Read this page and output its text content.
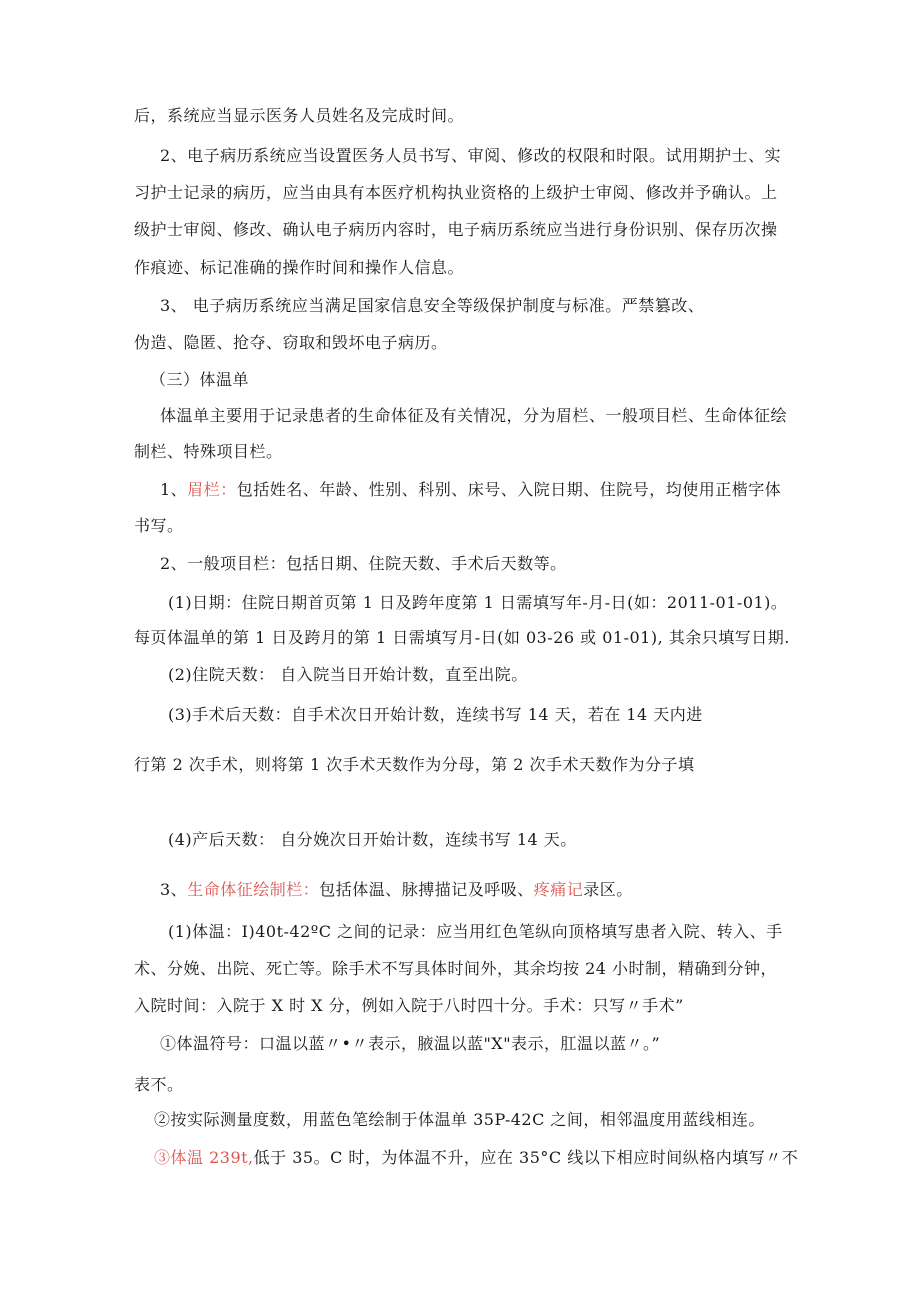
后，系统应当显示医务人员姓名及完成时间。
2、电子病历系统应当设置医务人员书写、审阅、修改的权限和时限。试用期护士、实
习护士记录的病历，应当由具有本医疗机构执业资格的上级护士审阅、修改并予确认。上
级护士审阅、修改、确认电子病历内容时，电子病历系统应当进行身份识别、保存历次操
作痕迹、标记准确的操作时间和操作人信息。
3、 电子病历系统应当满足国家信息安全等级保护制度与标准。严禁篡改、
伪造、隐匿、抢夺、窃取和毁坏电子病历。
（三）体温单
体温单主要用于记录患者的生命体征及有关情况，分为眉栏、一般项目栏、生命体征绘
制栏、特殊项目栏。
1、眉栏：包括姓名、年龄、性别、科别、床号、入院日期、住院号，均使用正楷字体
书写。
2、一般项目栏：包括日期、住院天数、手术后天数等。
(1)日期：住院日期首页第 1 日及跨年度第 1 日需填写年-月-日(如：2011-01-01)。
每页体温单的第 1 日及跨月的第 1 日需填写月-日(如 03-26 或 01-01), 其余只填写日期.
(2)住院天数： 自入院当日开始计数，直至出院。
(3)手术后天数：自手术次日开始计数，连续书写 14 天，若在 14 天内进
行第 2 次手术，则将第 1 次手术天数作为分母，第 2 次手术天数作为分子填
(4)产后天数： 自分娩次日开始计数，连续书写 14 天。
3、生命体征绘制栏：包括体温、脉搏描记及呼吸、疼痛记录区。
(1)体温：I)40t-42ºC 之间的记录：应当用红色笔纵向顶格填写患者入院、转入、手
术、分娩、出院、死亡等。除手术不写具体时间外，其余均按 24 小时制，精确到分钟，
入院时间：入院于 X 时 X 分，例如入院于八时四十分。手术：只写〃手术”
①体温符号：口温以蓝〃•〃表示，腋温以蓝"X"表示，肛温以蓝〃。”
表不。
②按实际测量度数，用蓝色笔绘制于体温单 35P-42C 之间，相邻温度用蓝线相连。
③体温 239t,低于 35。C 时，为体温不升，应在 35°C 线以下相应时间纵格内填写〃不
